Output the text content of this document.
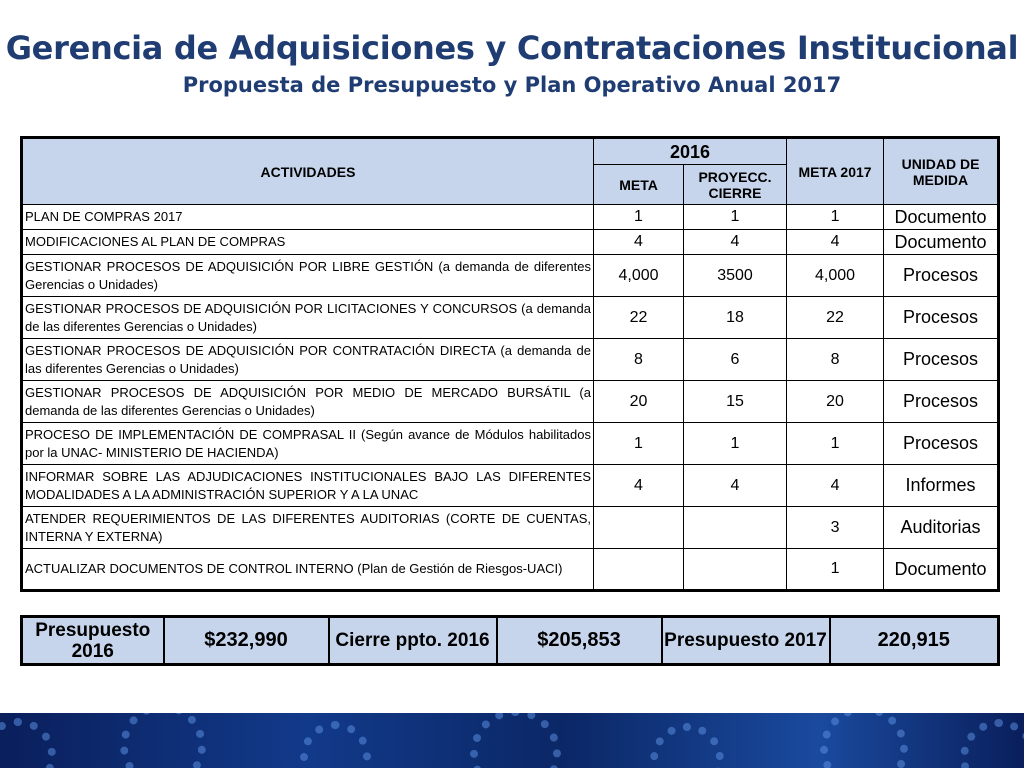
Gerencia de Adquisiciones y Contrataciones Institucional
Propuesta de Presupuesto y Plan Operativo Anual 2017
ACTIVIDADES	2016		META 2017	UNIDAD DE MEDIDA
	META	PROYECC. CIERRE		
PLAN DE COMPRAS 2017	1	1	1	Documento
MODIFICACIONES AL PLAN DE COMPRAS	4	4	4	Documento
GESTIONAR PROCESOS DE ADQUISICIÓN POR LIBRE GESTIÓN (a demanda de diferentes Gerencias o Unidades)	4,000	3500	4,000	Procesos
GESTIONAR PROCESOS DE ADQUISICIÓN POR LICITACIONES Y CONCURSOS (a demanda de las diferentes Gerencias o Unidades)	22	18	22	Procesos
GESTIONAR PROCESOS DE ADQUISICIÓN POR CONTRATACIÓN DIRECTA (a demanda de las diferentes Gerencias o Unidades)	8	6	8	Procesos
GESTIONAR PROCESOS DE ADQUISICIÓN POR MEDIO DE MERCADO BURSÁTIL (a demanda de las diferentes Gerencias o Unidades)	20	15	20	Procesos
PROCESO DE IMPLEMENTACIÓN DE COMPRASAL II (Según avance de Módulos habilitados por la UNAC- MINISTERIO DE HACIENDA)	1	1	1	Procesos
INFORMAR SOBRE LAS ADJUDICACIONES INSTITUCIONALES BAJO LAS DIFERENTES MODALIDADES A LA ADMINISTRACIÓN SUPERIOR Y A LA UNAC	4	4	4	Informes
ATENDER REQUERIMIENTOS DE LAS DIFERENTES AUDITORIAS (CORTE DE CUENTAS, INTERNA Y EXTERNA)			3	Auditorias
ACTUALIZAR DOCUMENTOS DE CONTROL INTERNO (Plan de Gestión de Riesgos-UACI)			1	Documento
Presupuesto 2016	$232,990	Cierre ppto. 2016	$205,853	Presupuesto 2017	220,915
